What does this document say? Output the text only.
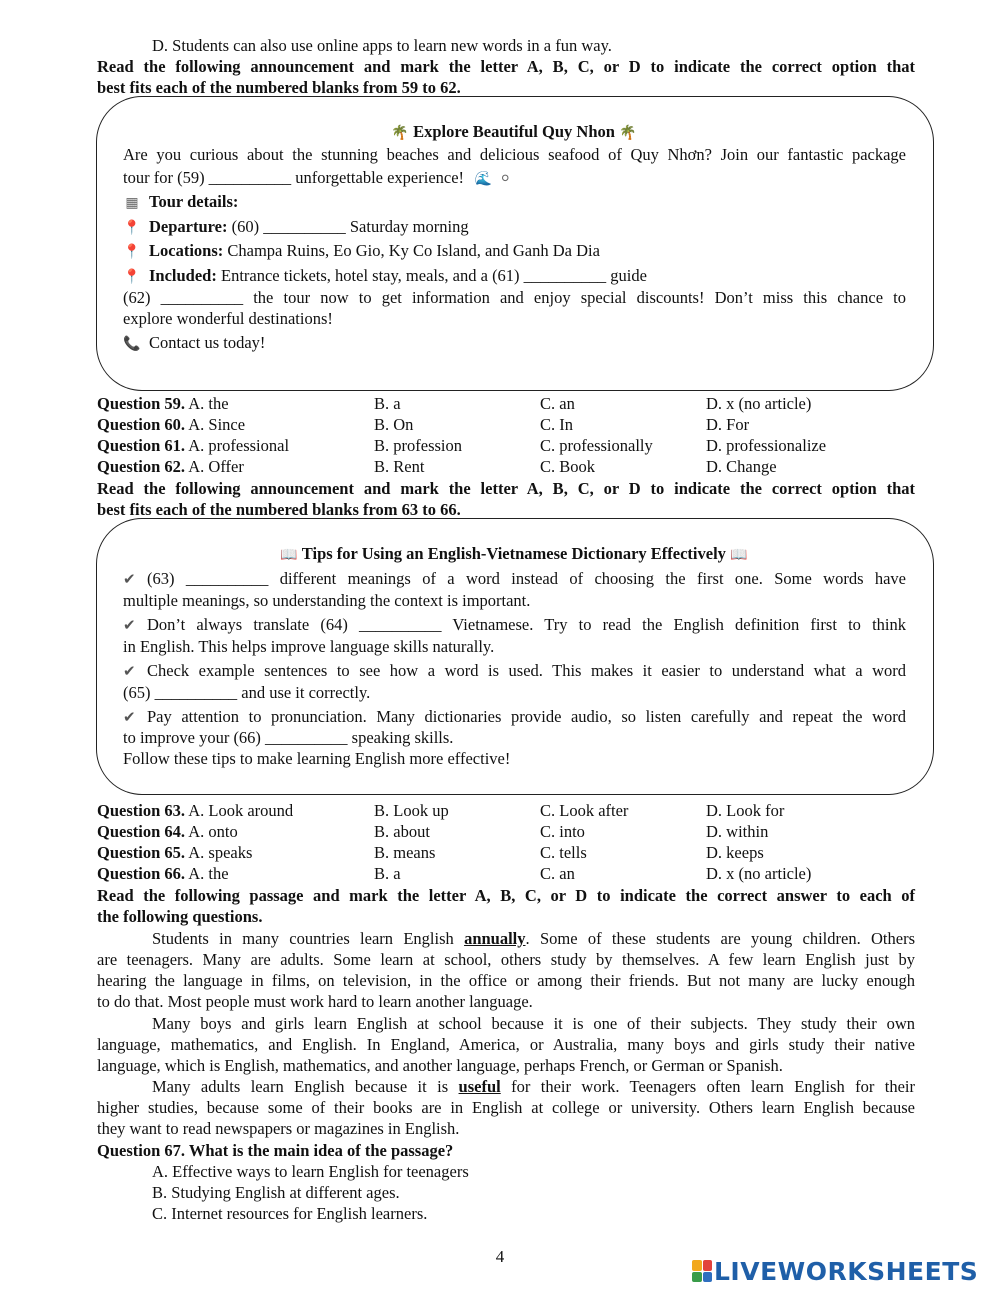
D. Students can also use online apps to learn new words in a fun way.
Read the following announcement and mark the letter A, B, C, or D to indicate the correct option that
best fits each of the numbered blanks from 59 to 62.
🌴 Explore Beautiful Quy Nhon 🌴
Are you curious about the stunning beaches and delicious seafood of Quy Nhơn? Join our fantastic package
tour for (59) __________ unforgettable experience! 🌊 ⚪
▦ Tour details:
📍 Departure: (60) __________ Saturday morning
📍 Locations: Champa Ruins, Eo Gio, Ky Co Island, and Ganh Da Dia
📍 Included: Entrance tickets, hotel stay, meals, and a (61) __________ guide
(62) __________ the tour now to get information and enjoy special discounts! Don’t miss this chance to
explore wonderful destinations!
📞 Contact us today!
Question 59. A. the	B. a	C. an	D. x (no article)
Question 60. A. Since	B. On	C. In	D. For
Question 61. A. professional	B. profession	C. professionally	D. professionalize
Question 62. A. Offer	B. Rent	C. Book	D. Change
Read the following announcement and mark the letter A, B, C, or D to indicate the correct option that
best fits each of the numbered blanks from 63 to 66.
📖 Tips for Using an English-Vietnamese Dictionary Effectively 📖
✔ (63) __________ different meanings of a word instead of choosing the first one. Some words have
multiple meanings, so understanding the context is important.
✔ Don’t always translate (64) __________ Vietnamese. Try to read the English definition first to think
in English. This helps improve language skills naturally.
✔ Check example sentences to see how a word is used. This makes it easier to understand what a word
(65) __________ and use it correctly.
✔ Pay attention to pronunciation. Many dictionaries provide audio, so listen carefully and repeat the word
to improve your (66) __________ speaking skills.
Follow these tips to make learning English more effective!
Question 63. A. Look around	B. Look up	C. Look after	D. Look for
Question 64. A. onto	B. about	C. into	D. within
Question 65. A. speaks	B. means	C. tells	D. keeps
Question 66. A. the	B. a	C. an	D. x (no article)
Read the following passage and mark the letter A, B, C, or D to indicate the correct answer to each of
the following questions.
Students in many countries learn English annually. Some of these students are young children. Others
are teenagers. Many are adults. Some learn at school, others study by themselves. A few learn English just by
hearing the language in films, on television, in the office or among their friends. But not many are lucky enough
to do that. Most people must work hard to learn another language.
Many boys and girls learn English at school because it is one of their subjects. They study their own
language, mathematics, and English. In England, America, or Australia, many boys and girls study their native
language, which is English, mathematics, and another language, perhaps French, or German or Spanish.
Many adults learn English because it is useful for their work. Teenagers often learn English for their
higher studies, because some of their books are in English at college or university. Others learn English because
they want to read newspapers or magazines in English.
Question 67. What is the main idea of the passage?
A. Effective ways to learn English for teenagers
B. Studying English at different ages.
C. Internet resources for English learners.
4	LIVEWORKSHEETS
